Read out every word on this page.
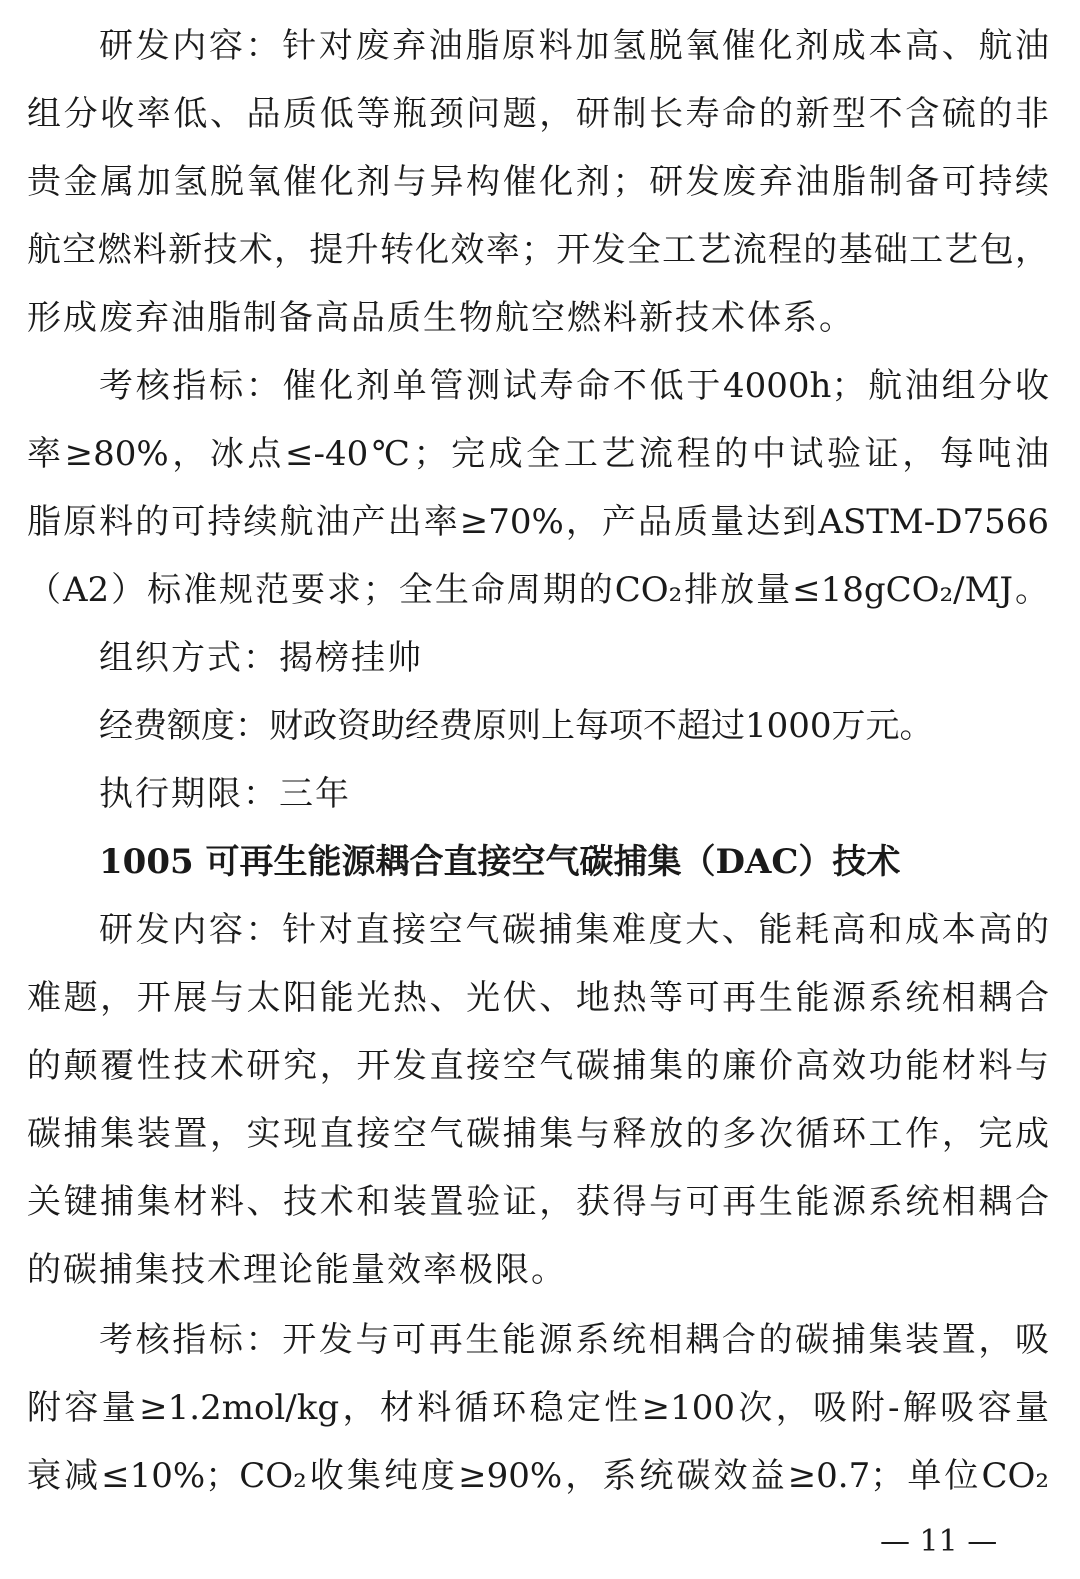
研发内容：针对废弃油脂原料加氢脱氧催化剂成本高、航油
组分收率低、品质低等瓶颈问题，研制长寿命的新型不含硫的非
贵金属加氢脱氧催化剂与异构催化剂；研发废弃油脂制备可持续
航空燃料新技术，提升转化效率；开发全工艺流程的基础工艺包，
形成废弃油脂制备高品质生物航空燃料新技术体系。
考核指标：催化剂单管测试寿命不低于4000h；航油组分收
率≥80%，冰点≤-40℃；完成全工艺流程的中试验证，每吨油
脂原料的可持续航油产出率≥70%，产品质量达到ASTM-D7566
（A2）标准规范要求；全生命周期的CO₂排放量≤18gCO₂/MJ。
组织方式：揭榜挂帅
经费额度：财政资助经费原则上每项不超过1000万元。
执行期限：三年
1005 可再生能源耦合直接空气碳捕集（DAC）技术
研发内容：针对直接空气碳捕集难度大、能耗高和成本高的
难题，开展与太阳能光热、光伏、地热等可再生能源系统相耦合
的颠覆性技术研究，开发直接空气碳捕集的廉价高效功能材料与
碳捕集装置，实现直接空气碳捕集与释放的多次循环工作，完成
关键捕集材料、技术和装置验证，获得与可再生能源系统相耦合
的碳捕集技术理论能量效率极限。
考核指标：开发与可再生能源系统相耦合的碳捕集装置，吸
附容量≥1.2mol/kg，材料循环稳定性≥100次，吸附-解吸容量
衰减≤10%；CO₂收集纯度≥90%，系统碳效益≥0.7；单位CO₂
— 11 —
